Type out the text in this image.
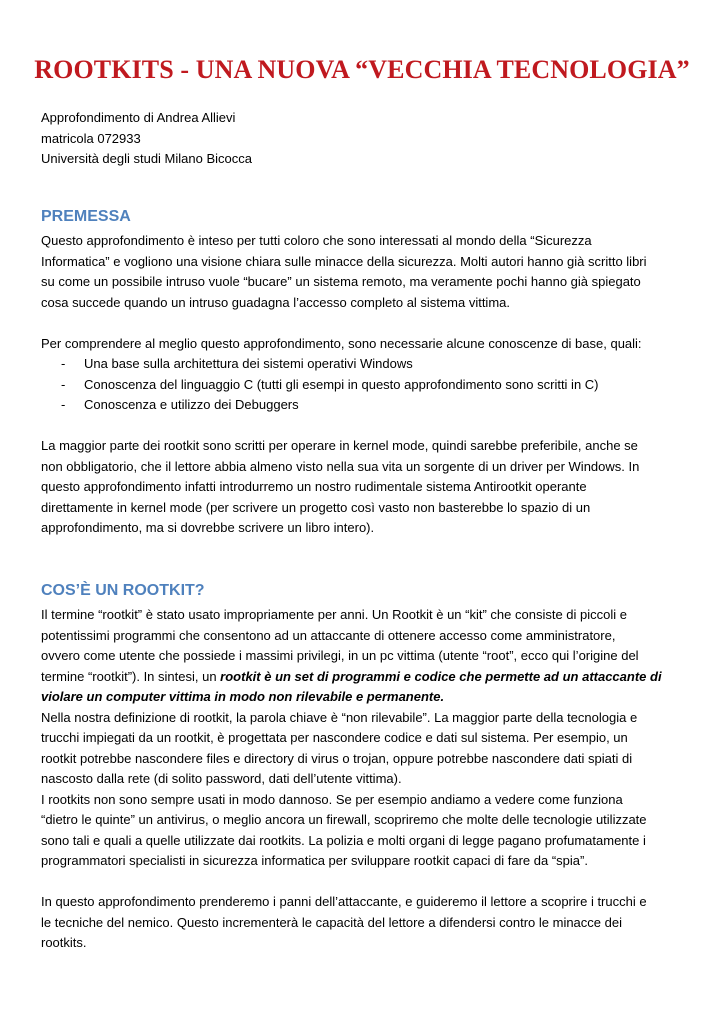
ROOTKITS - UNA NUOVA “VECCHIA TECNOLOGIA”
Approfondimento di Andrea Allievi
matricola 072933
Università degli studi Milano Bicocca
PREMESSA

Questo approfondimento è inteso per tutti coloro che sono interessati al mondo della “Sicurezza
Informatica” e vogliono una visione chiara sulle minacce della sicurezza. Molti autori hanno già scritto libri
su come un possibile intruso vuole “bucare” un sistema remoto, ma veramente pochi hanno già spiegato
cosa succede quando un intruso guadagna l’accesso completo al sistema vittima.

Per comprendere al meglio questo approfondimento, sono necessarie alcune conoscenze di base, quali:

- Una base sulla architettura dei sistemi operativi Windows
- Conoscenza del linguaggio C (tutti gli esempi in questo approfondimento sono scritti in C)
- Conoscenza e utilizzo dei Debuggers

La maggior parte dei rootkit sono scritti per operare in kernel mode, quindi sarebbe preferibile, anche se
non obbligatorio, che il lettore abbia almeno visto nella sua vita un sorgente di un driver per Windows. In
questo approfondimento infatti introdurremo un nostro rudimentale sistema Antirootkit operante
direttamente in kernel mode (per scrivere un progetto così vasto non basterebbe lo spazio di un
approfondimento, ma si dovrebbe scrivere un libro intero).

COS’È UN ROOTKIT?

Il termine “rootkit” è stato usato impropriamente per anni. Un Rootkit è un “kit” che consiste di piccoli e
potentissimi programmi che consentono ad un attaccante di ottenere accesso come amministratore,
ovvero come utente che possiede i massimi privilegi, in un pc vittima (utente “root”, ecco qui l’origine del
termine “rootkit”). In sintesi, un rootkit è un set di programmi e codice che permette ad un attaccante di
violare un computer vittima in modo non rilevabile e permanente.

Nella nostra definizione di rootkit, la parola chiave è “non rilevabile”. La maggior parte della tecnologia e
trucchi impiegati da un rootkit, è progettata per nascondere codice e dati sul sistema. Per esempio, un
rootkit potrebbe nascondere files e directory di virus o trojan, oppure potrebbe nascondere dati spiati di
nascosto dalla rete (di solito password, dati dell’utente vittima).

I rootkits non sono sempre usati in modo dannoso. Se per esempio andiamo a vedere come funziona
“dietro le quinte” un antivirus, o meglio ancora un firewall, scopriremo che molte delle tecnologie utilizzate
sono tali e quali a quelle utilizzate dai rootkits. La polizia e molti organi di legge pagano profumatamente i
programmatori specialisti in sicurezza informatica per sviluppare rootkit capaci di fare da “spia”.

In questo approfondimento prenderemo i panni dell’attaccante, e guideremo il lettore a scoprire i trucchi e
le tecniche del nemico. Questo incrementerà le capacità del lettore a difendersi contro le minacce dei
rootkits.
